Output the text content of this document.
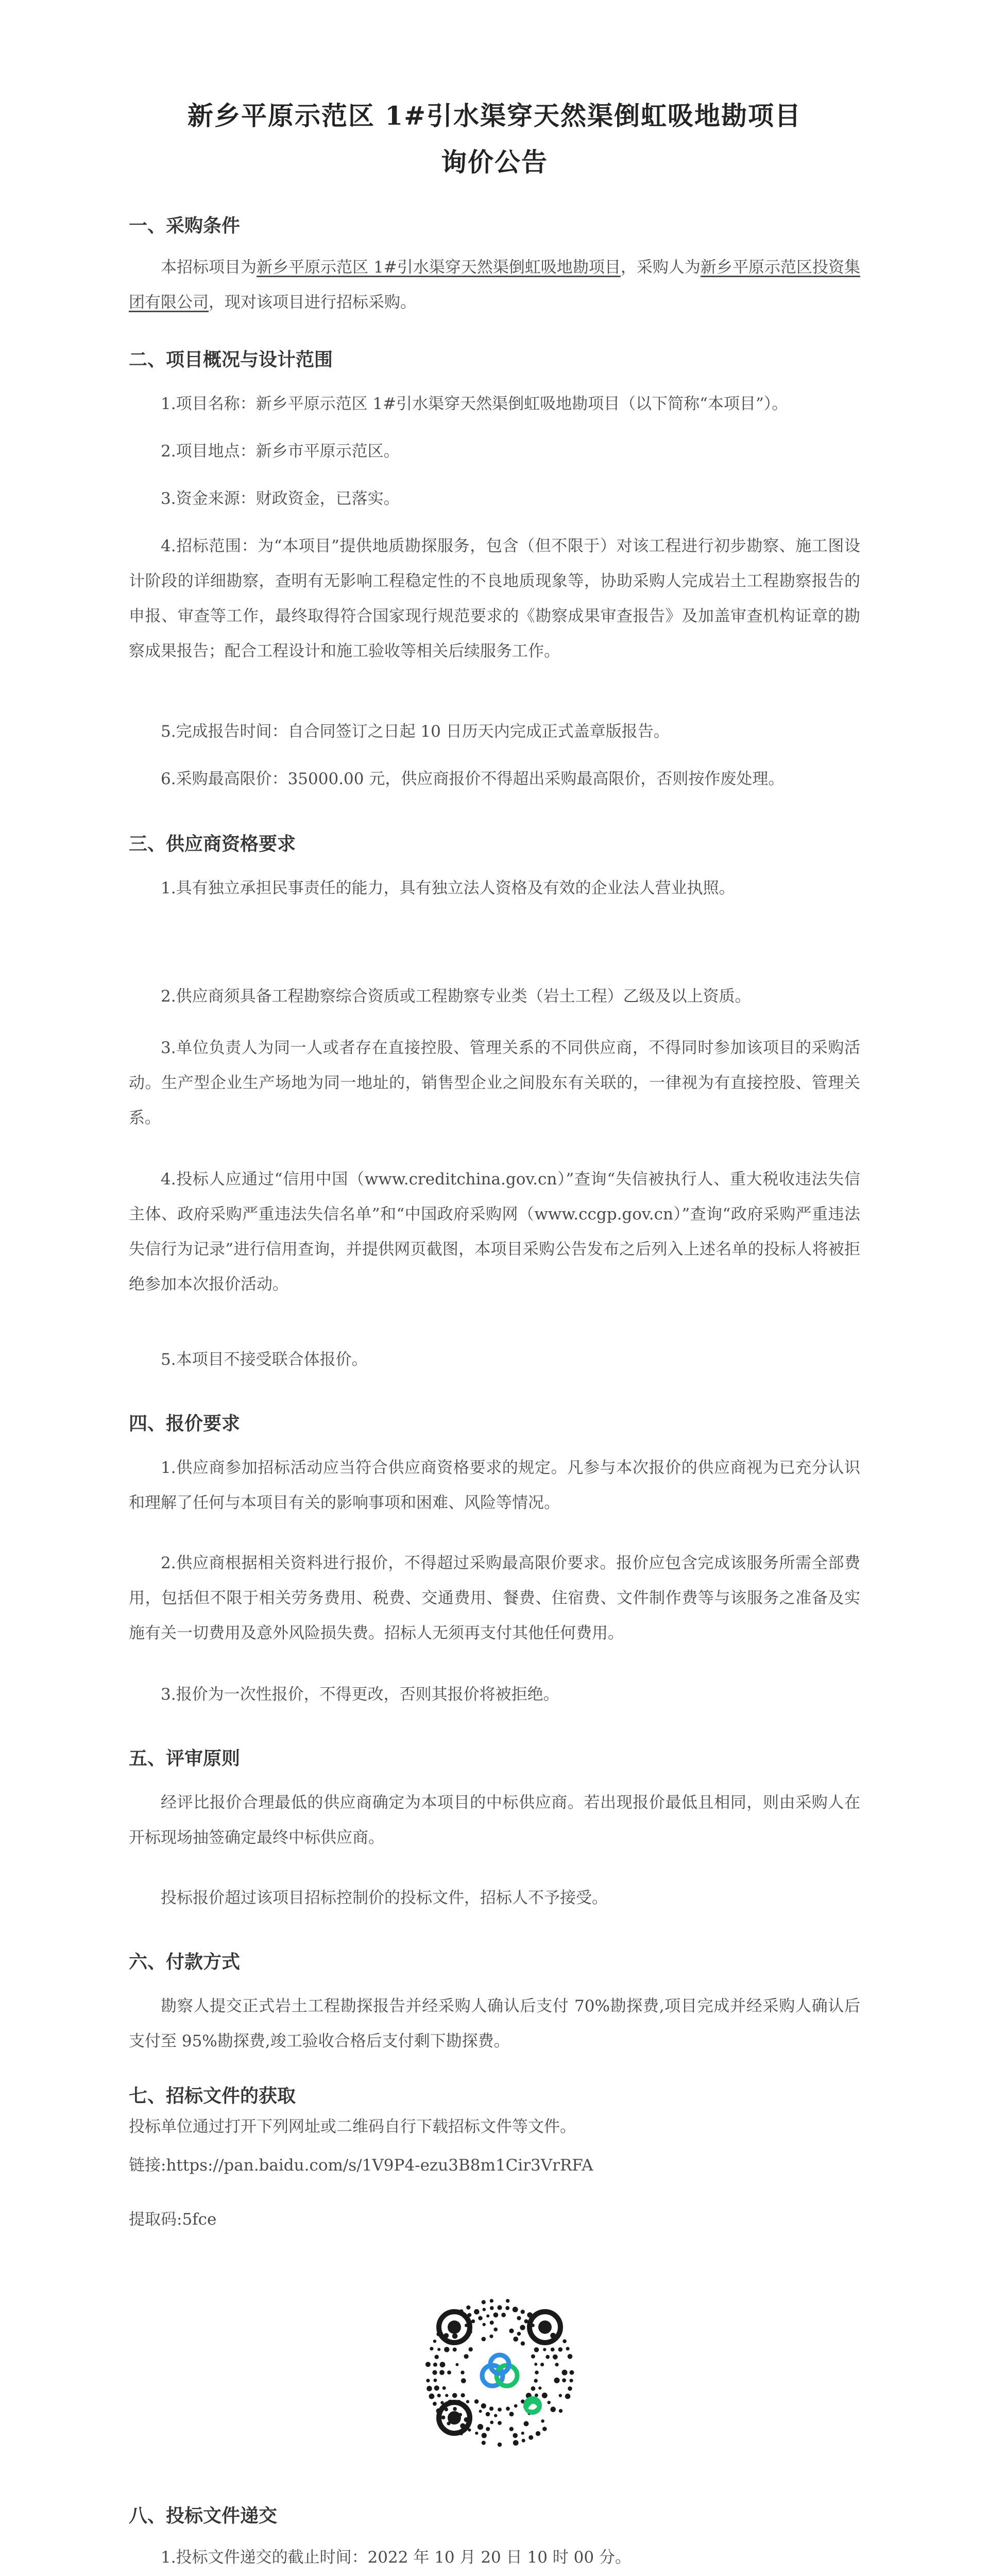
新乡平原示范区 1#引水渠穿天然渠倒虹吸地勘项目
询价公告
一、采购条件

本招标项目为新乡平原示范区 1#引水渠穿天然渠倒虹吸地勘项目，采购人为新乡平原示范区投资集团有限公司，现对该项目进行招标采购。

二、项目概况与设计范围

1.项目名称：新乡平原示范区 1#引水渠穿天然渠倒虹吸地勘项目（以下简称“本项目”）。

2.项目地点：新乡市平原示范区。

3.资金来源：财政资金，已落实。

4.招标范围：为“本项目”提供地质勘探服务，包含（但不限于）对该工程进行初步勘察、施工图设计阶段的详细勘察，查明有无影响工程稳定性的不良地质现象等，协助采购人完成岩土工程勘察报告的申报、审查等工作，最终取得符合国家现行规范要求的《勘察成果审查报告》及加盖审查机构证章的勘察成果报告；配合工程设计和施工验收等相关后续服务工作。

5.完成报告时间：自合同签订之日起 10 日历天内完成正式盖章版报告。

6.采购最高限价：35000.00 元，供应商报价不得超出采购最高限价，否则按作废处理。

三、供应商资格要求

1.具有独立承担民事责任的能力，具有独立法人资格及有效的企业法人营业执照。

2.供应商须具备工程勘察综合资质或工程勘察专业类（岩土工程）乙级及以上资质。

3.单位负责人为同一人或者存在直接控股、管理关系的不同供应商，不得同时参加该项目的采购活动。生产型企业生产场地为同一地址的，销售型企业之间股东有关联的，一律视为有直接控股、管理关系。

4.投标人应通过“信用中国（www.creditchina.gov.cn）”查询“失信被执行人、重大税收违法失信主体、政府采购严重违法失信名单”和“中国政府采购网（www.ccgp.gov.cn）”查询“政府采购严重违法失信行为记录”进行信用查询，并提供网页截图，本项目采购公告发布之后列入上述名单的投标人将被拒绝参加本次报价活动。

5.本项目不接受联合体报价。

四、报价要求

1.供应商参加招标活动应当符合供应商资格要求的规定。凡参与本次报价的供应商视为已充分认识和理解了任何与本项目有关的影响事项和困难、风险等情况。

2.供应商根据相关资料进行报价，不得超过采购最高限价要求。报价应包含完成该服务所需全部费用，包括但不限于相关劳务费用、税费、交通费用、餐费、住宿费、文件制作费等与该服务之准备及实施有关一切费用及意外风险损失费。招标人无须再支付其他任何费用。

3.报价为一次性报价，不得更改，否则其报价将被拒绝。

五、评审原则

经评比报价合理最低的供应商确定为本项目的中标供应商。若出现报价最低且相同，则由采购人在开标现场抽签确定最终中标供应商。

投标报价超过该项目招标控制价的投标文件，招标人不予接受。

六、付款方式

勘察人提交正式岩土工程勘探报告并经采购人确认后支付 70%勘探费,项目完成并经采购人确认后支付至 95%勘探费,竣工验收合格后支付剩下勘探费。

七、招标文件的获取

投标单位通过打开下列网址或二维码自行下载招标文件等文件。

链接:https://pan.baidu.com/s/1V9P4-ezu3B8m1Cir3VrRFA

提取码:5fce

八、投标文件递交

1.投标文件递交的截止时间：2022 年 10 月 20 日 10 时 00 分。
